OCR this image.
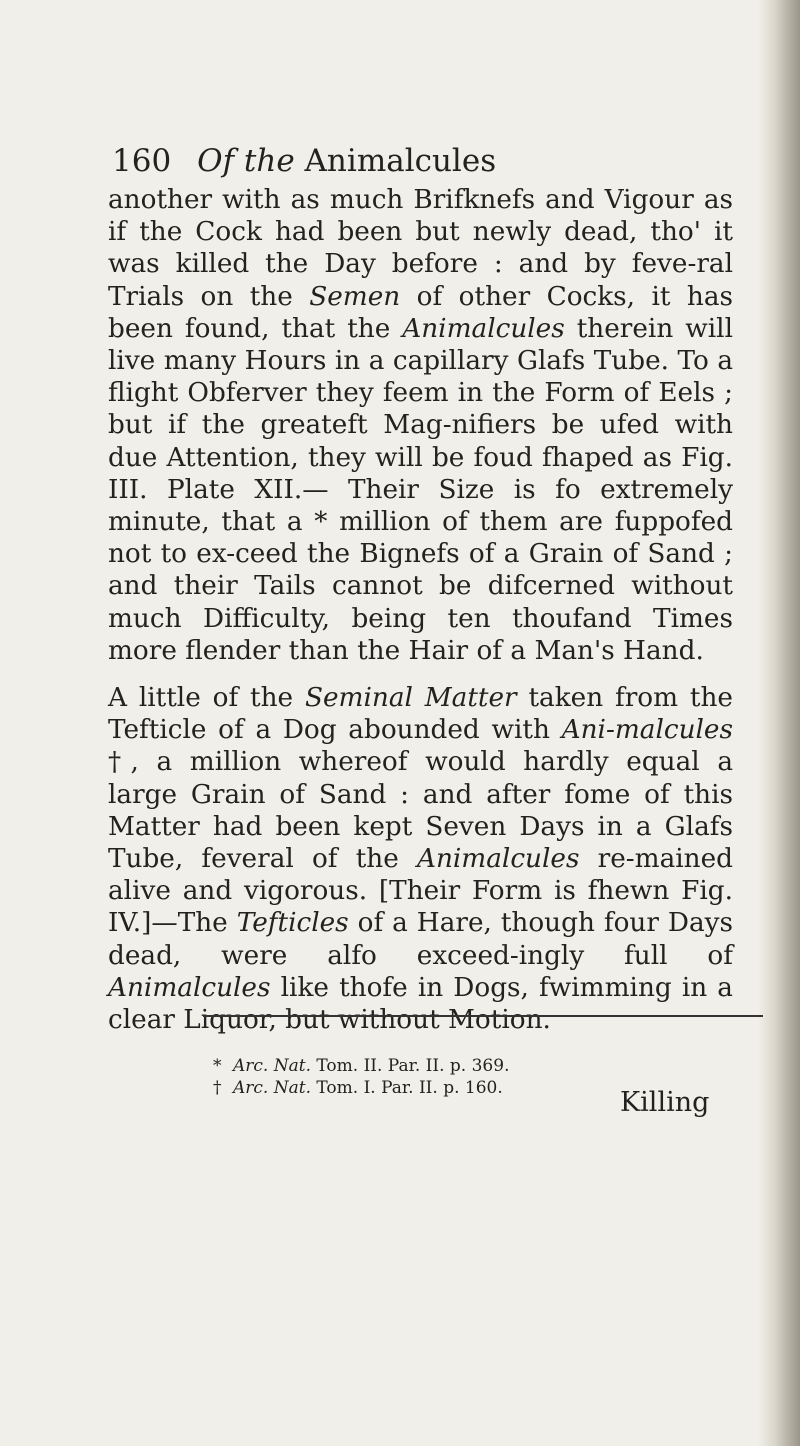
160 Of the Animalcules

another with as much Brifknefs and Vigour as if the Cock had been but newly dead, tho' it was killed the Day before : and by feve-ral Trials on the Semen of other Cocks, it has been found, that the Animalcules therein will live many Hours in a capillary Glafs Tube. To a flight Obferver they feem in the Form of Eels ; but if the greateft Mag-nifiers be ufed with due Attention, they will be foud fhaped as Fig. III. Plate XII.— Their Size is fo extremely minute, that a * million of them are fuppofed not to ex-ceed the Bignefs of a Grain of Sand ; and their Tails cannot be difcerned without much Difficulty, being ten thoufand Times more flender than the Hair of a Man's Hand.

A little of the Seminal Matter taken from the Tefticle of a Dog abounded with Ani-malcules †, a million whereof would hardly equal a large Grain of Sand : and after fome of this Matter had been kept Seven Days in a Glafs Tube, feveral of the Animalcules re-mained alive and vigorous. [Their Form is fhewn Fig. IV.]—The Tefticles of a Hare, though four Days dead, were alfo exceed-ingly full of Animalcules like thofe in Dogs, fwimming in a clear Liquor, but without Motion.

* Arc. Nat. Tom. II. Par. II. p. 369.
† Arc. Nat. Tom. I. Par. II. p. 160.	Killing
